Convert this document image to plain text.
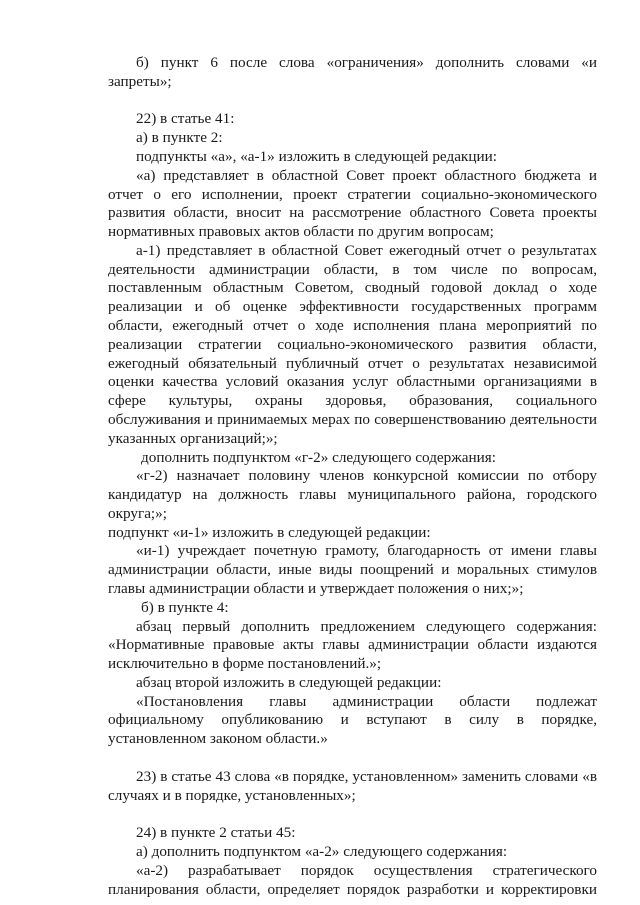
б) пункт 6 после слова «ограничения» дополнить словами «и
запреты»;
22) в статье 41:
а) в пункте 2:
подпункты «а», «а-1» изложить в следующей редакции:
«а) представляет в областной Совет проект областного бюджета и
отчет о его исполнении, проект стратегии социально-экономического
развития области, вносит на рассмотрение областного Совета проекты
нормативных правовых актов области по другим вопросам;
а-1) представляет в областной Совет ежегодный отчет о результатах
деятельности администрации области, в том числе по вопросам,
поставленным областным Советом, сводный годовой доклад о ходе
реализации и об оценке эффективности государственных программ
области, ежегодный отчет о ходе исполнения плана мероприятий по
реализации стратегии социально-экономического развития области,
ежегодный обязательный публичный отчет о результатах независимой
оценки качества условий оказания услуг областными организациями в
сфере культуры, охраны здоровья, образования, социального
обслуживания и принимаемых мерах по совершенствованию деятельности
указанных организаций;»;
дополнить подпунктом «г-2» следующего содержания:
«г-2) назначает половину членов конкурсной комиссии по отбору
кандидатур на должность главы муниципального района, городского
округа;»;
подпункт «и-1» изложить в следующей редакции:
«и-1) учреждает почетную грамоту, благодарность от имени главы
администрации области, иные виды поощрений и моральных стимулов
главы администрации области и утверждает положения о них;»;
б) в пункте 4:
абзац первый дополнить предложением следующего содержания:
«Нормативные правовые акты главы администрации области издаются
исключительно в форме постановлений.»;
абзац второй изложить в следующей редакции:
«Постановления главы администрации области подлежат
официальному опубликованию и вступают в силу в порядке,
установленном законом области.»
23) в статье 43 слова «в порядке, установленном» заменить словами «в
случаях и в порядке, установленных»;
24) в пункте 2 статьи 45:
а) дополнить подпунктом «а-2» следующего содержания:
«а-2) разрабатывает порядок осуществления стратегического
планирования области, определяет порядок разработки и корректировки
